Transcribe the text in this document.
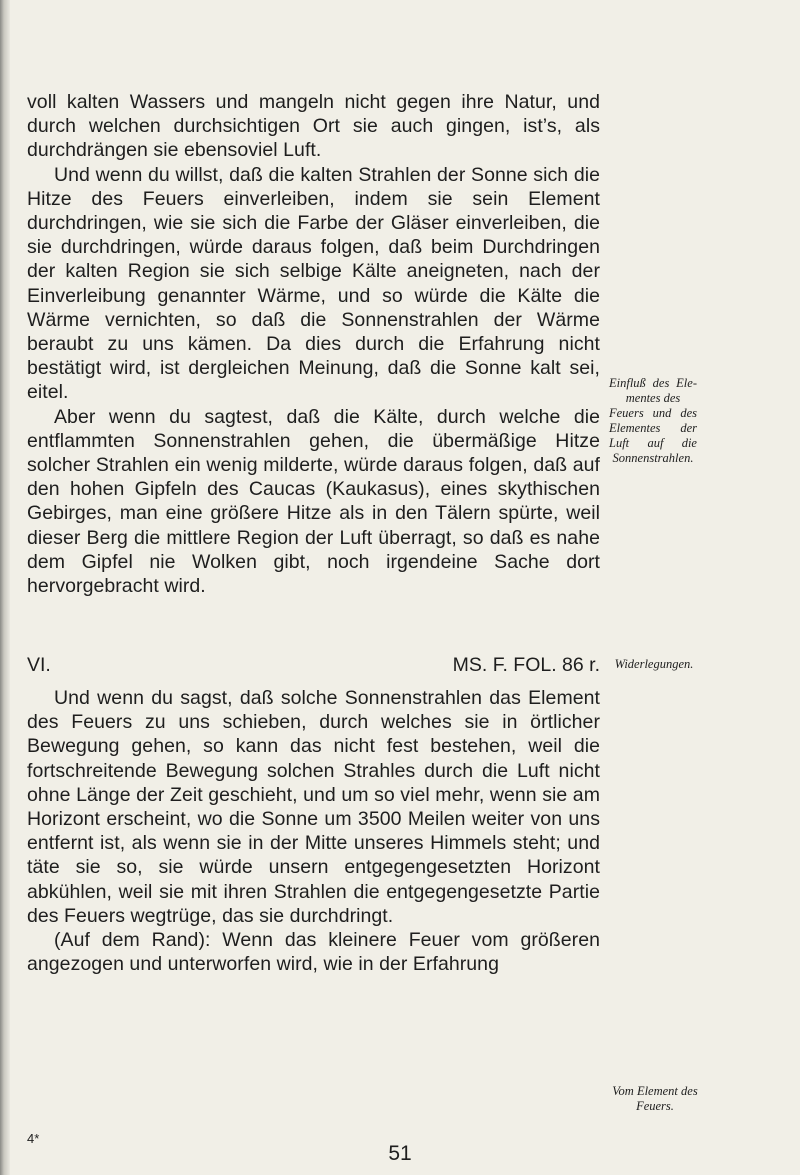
voll kalten Wassers und mangeln nicht gegen ihre Natur, und durch welchen durchsichtigen Ort sie auch gingen, ist’s, als durchdrängen sie ebensoviel Luft.

Und wenn du willst, daß die kalten Strahlen der Sonne sich die Hitze des Feuers einverleiben, indem sie sein Element durchdringen, wie sie sich die Farbe der Gläser einverleiben, die sie durchdringen, würde daraus folgen, daß beim Durchdringen der kalten Region sie sich selbige Kälte aneigneten, nach der Einverleibung genannter Wärme, und so würde die Kälte die Wärme vernichten, so daß die Sonnenstrahlen der Wärme beraubt zu uns kämen. Da dies durch die Erfahrung nicht bestätigt wird, ist dergleichen Meinung, daß die Sonne kalt sei, eitel.

Aber wenn du sagtest, daß die Kälte, durch welche die entflammten Sonnenstrahlen gehen, die übermäßige Hitze solcher Strahlen ein wenig milderte, würde daraus folgen, daß auf den hohen Gipfeln des Caucas (Kaukasus), eines skythischen Gebirges, man eine größere Hitze als in den Tälern spürte, weil dieser Berg die mittlere Region der Luft überragt, so daß es nahe dem Gipfel nie Wolken gibt, noch irgendeine Sache dort hervorgebracht wird.

Einfluß des Ele-
mentes des
Feuers und des
Elementes der
Luft auf die
Sonnenstrahlen.
VI.	MS. F. FOL. 86 r.	Widerlegungen.

Und wenn du sagst, daß solche Sonnenstrahlen das Element des Feuers zu uns schieben, durch welches sie in örtlicher Bewegung gehen, so kann das nicht fest bestehen, weil die fortschreitende Bewegung solchen Strahles durch die Luft nicht ohne Länge der Zeit geschieht, und um so viel mehr, wenn sie am Horizont erscheint, wo die Sonne um 3500 Meilen weiter von uns entfernt ist, als wenn sie in der Mitte unseres Himmels steht; und täte sie so, sie würde unsern entgegengesetzten Horizont abkühlen, weil sie mit ihren Strahlen die entgegengesetzte Partie des Feuers wegtrüge, das sie durchdringt.

(Auf dem Rand): Wenn das kleinere Feuer vom größeren angezogen und unterworfen wird, wie in der Erfahrung

Vom Element des
Feuers.
4*
51
